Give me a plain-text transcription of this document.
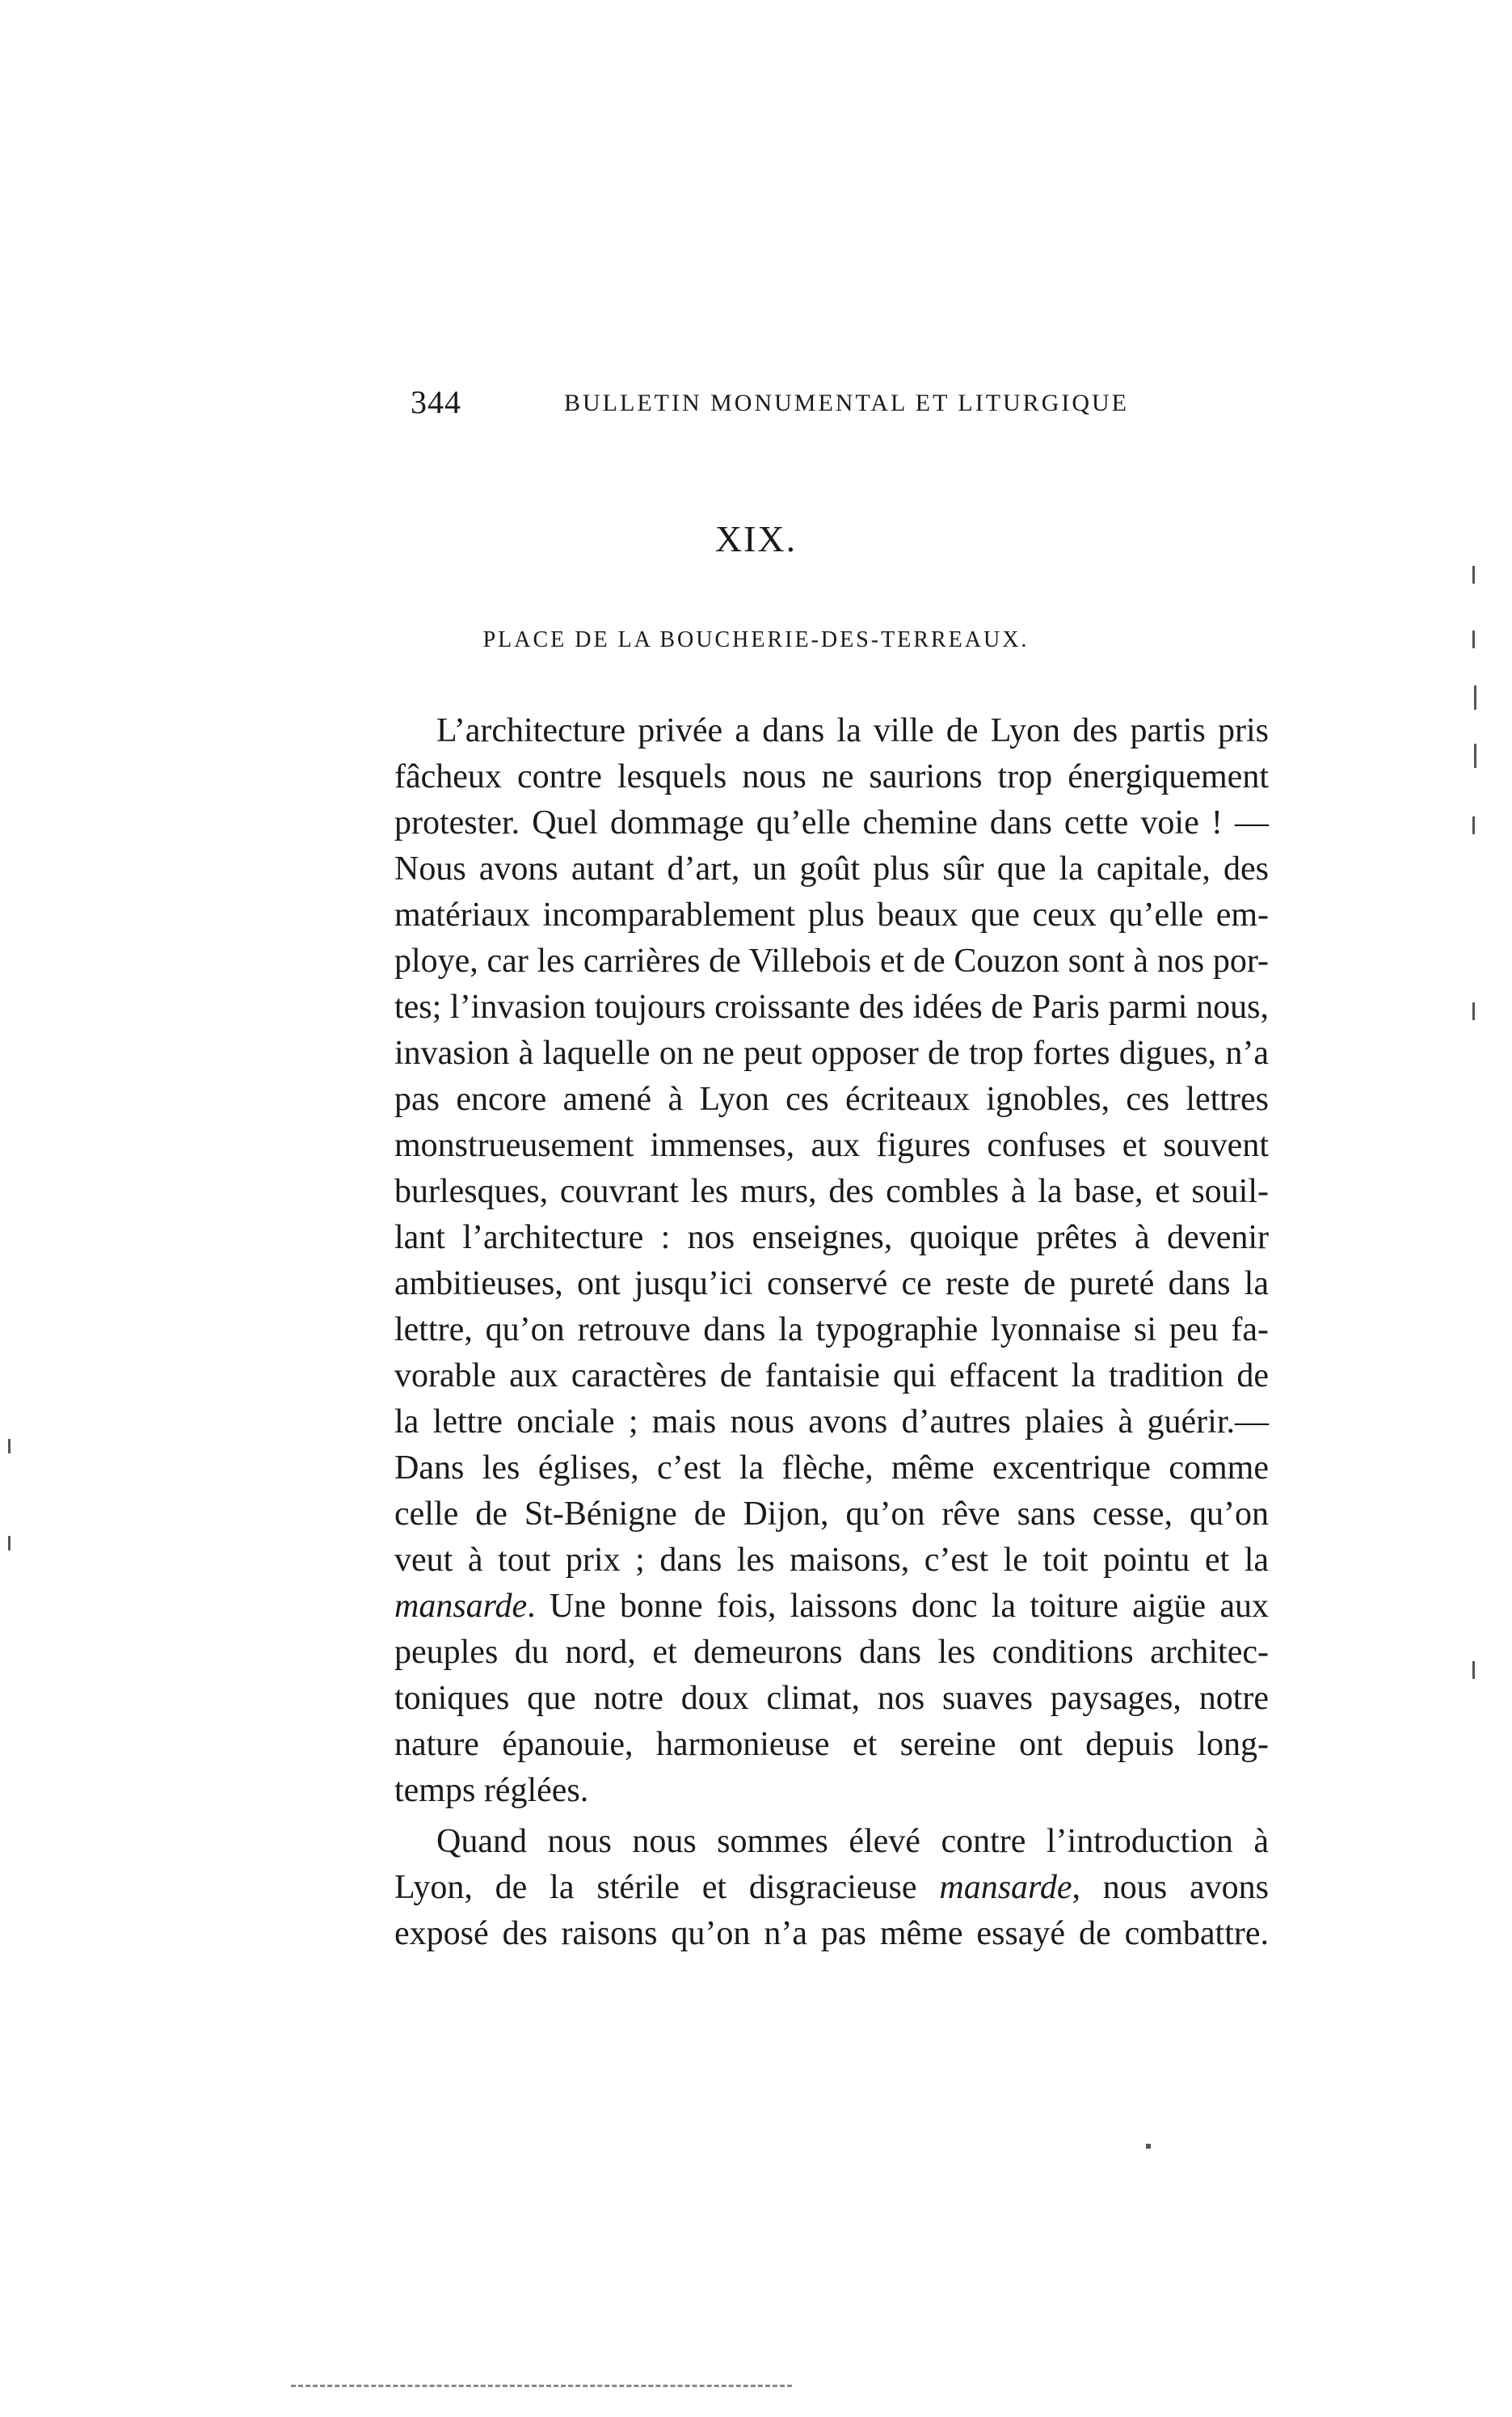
344	BULLETIN MONUMENTAL ET LITURGIQUE
XIX.
PLACE DE LA BOUCHERIE-DES-TERREAUX.
L’architecture privée a dans la ville de Lyon des partis pris
fâcheux contre lesquels nous ne saurions trop énergiquement
protester. Quel dommage qu’elle chemine dans cette voie ! —
Nous avons autant d’art, un goût plus sûr que la capitale, des
matériaux incomparablement plus beaux que ceux qu’elle em-
ploye, car les carrières de Villebois et de Couzon sont à nos por-
tes; l’invasion toujours croissante des idées de Paris parmi nous,
invasion à laquelle on ne peut opposer de trop fortes digues, n’a
pas encore amené à Lyon ces écriteaux ignobles, ces lettres
monstrueusement immenses, aux figures confuses et souvent
burlesques, couvrant les murs, des combles à la base, et souil-
lant l’architecture : nos enseignes, quoique prêtes à devenir
ambitieuses, ont jusqu’ici conservé ce reste de pureté dans la
lettre, qu’on retrouve dans la typographie lyonnaise si peu fa-
vorable aux caractères de fantaisie qui effacent la tradition de
la lettre onciale ; mais nous avons d’autres plaies à guérir.—
Dans les églises, c’est la flèche, même excentrique comme
celle de St-Bénigne de Dijon, qu’on rêve sans cesse, qu’on
veut à tout prix ; dans les maisons, c’est le toit pointu et la
mansarde. Une bonne fois, laissons donc la toiture aigüe aux
peuples du nord, et demeurons dans les conditions architec-
toniques que notre doux climat, nos suaves paysages, notre
nature épanouie, harmonieuse et sereine ont depuis long-
temps réglées.
Quand nous nous sommes élevé contre l’introduction à
Lyon, de la stérile et disgracieuse mansarde, nous avons
exposé des raisons qu’on n’a pas même essayé de combattre.
